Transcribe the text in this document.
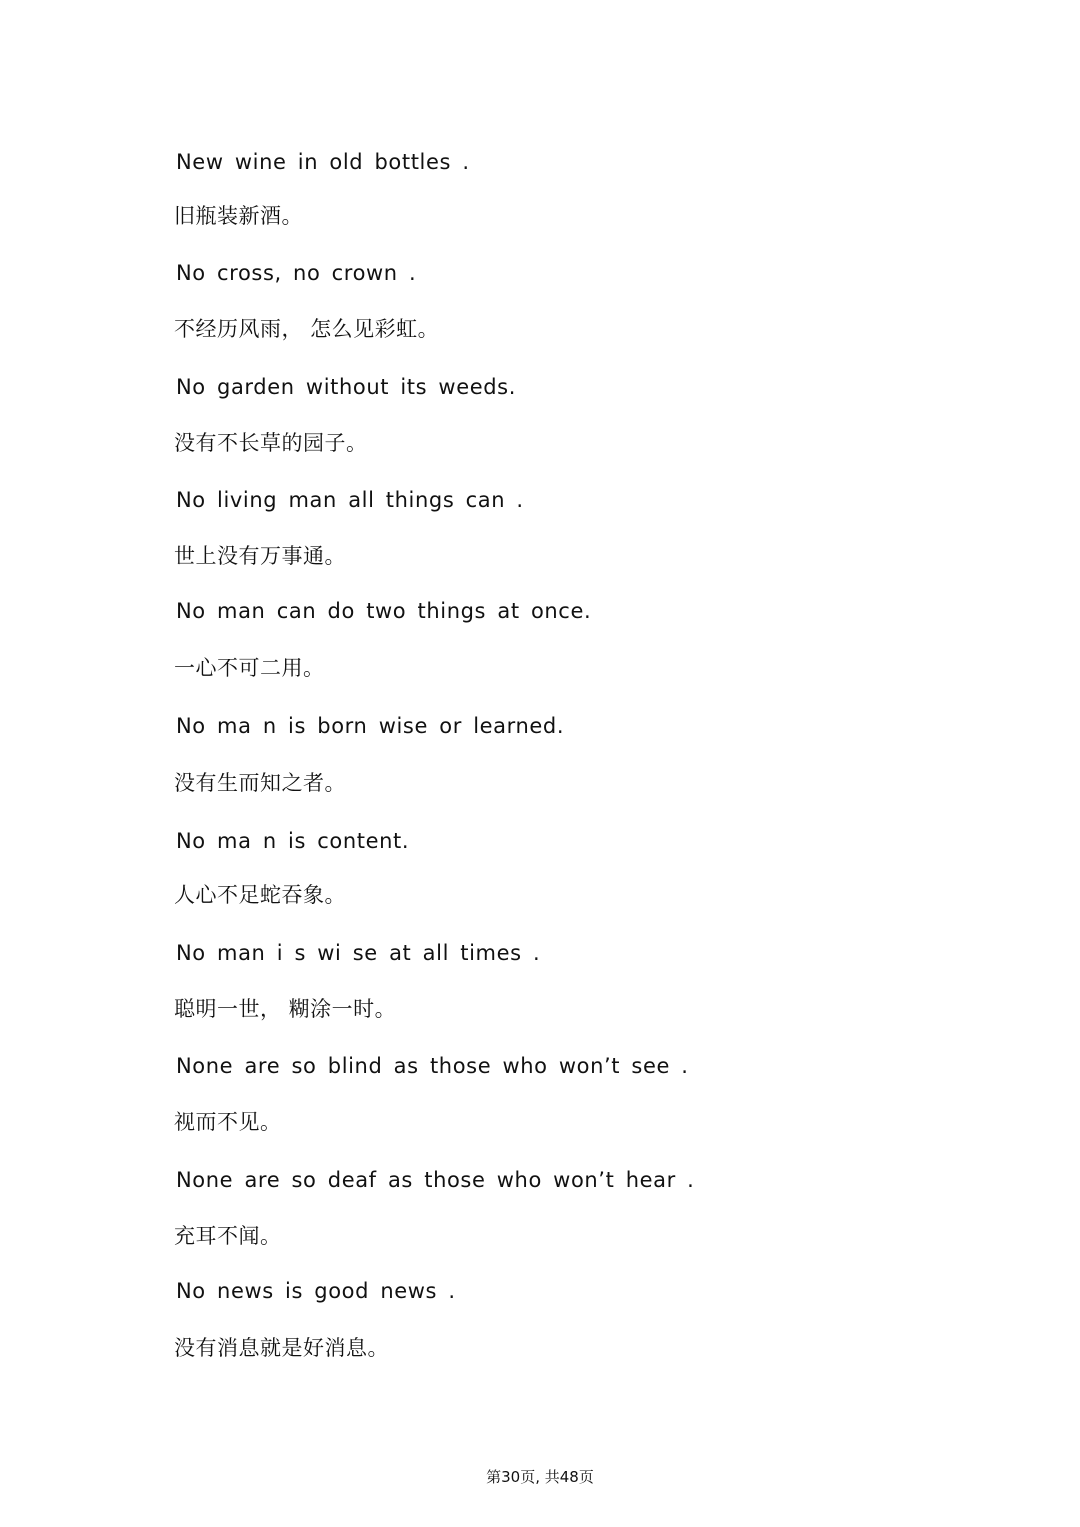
New wine in old bottles .
旧瓶装新酒。
No cross, no crown .
不经历风雨， 怎么见彩虹。
No garden without its weeds.
没有不长草的园子。
No living man all things can .
世上没有万事通。
No man can do two things at once.
一心不可二用。
No ma n is born wise or learned.
没有生而知之者。
No ma n is content.
人心不足蛇吞象。
No man i s wi se at all times .
聪明一世， 糊涂一时。
None are so blind as those who won’t see .
视而不见。
None are so deaf as those who won’t hear .
充耳不闻。
No news is good news .
没有消息就是好消息。
第30页, 共48页
